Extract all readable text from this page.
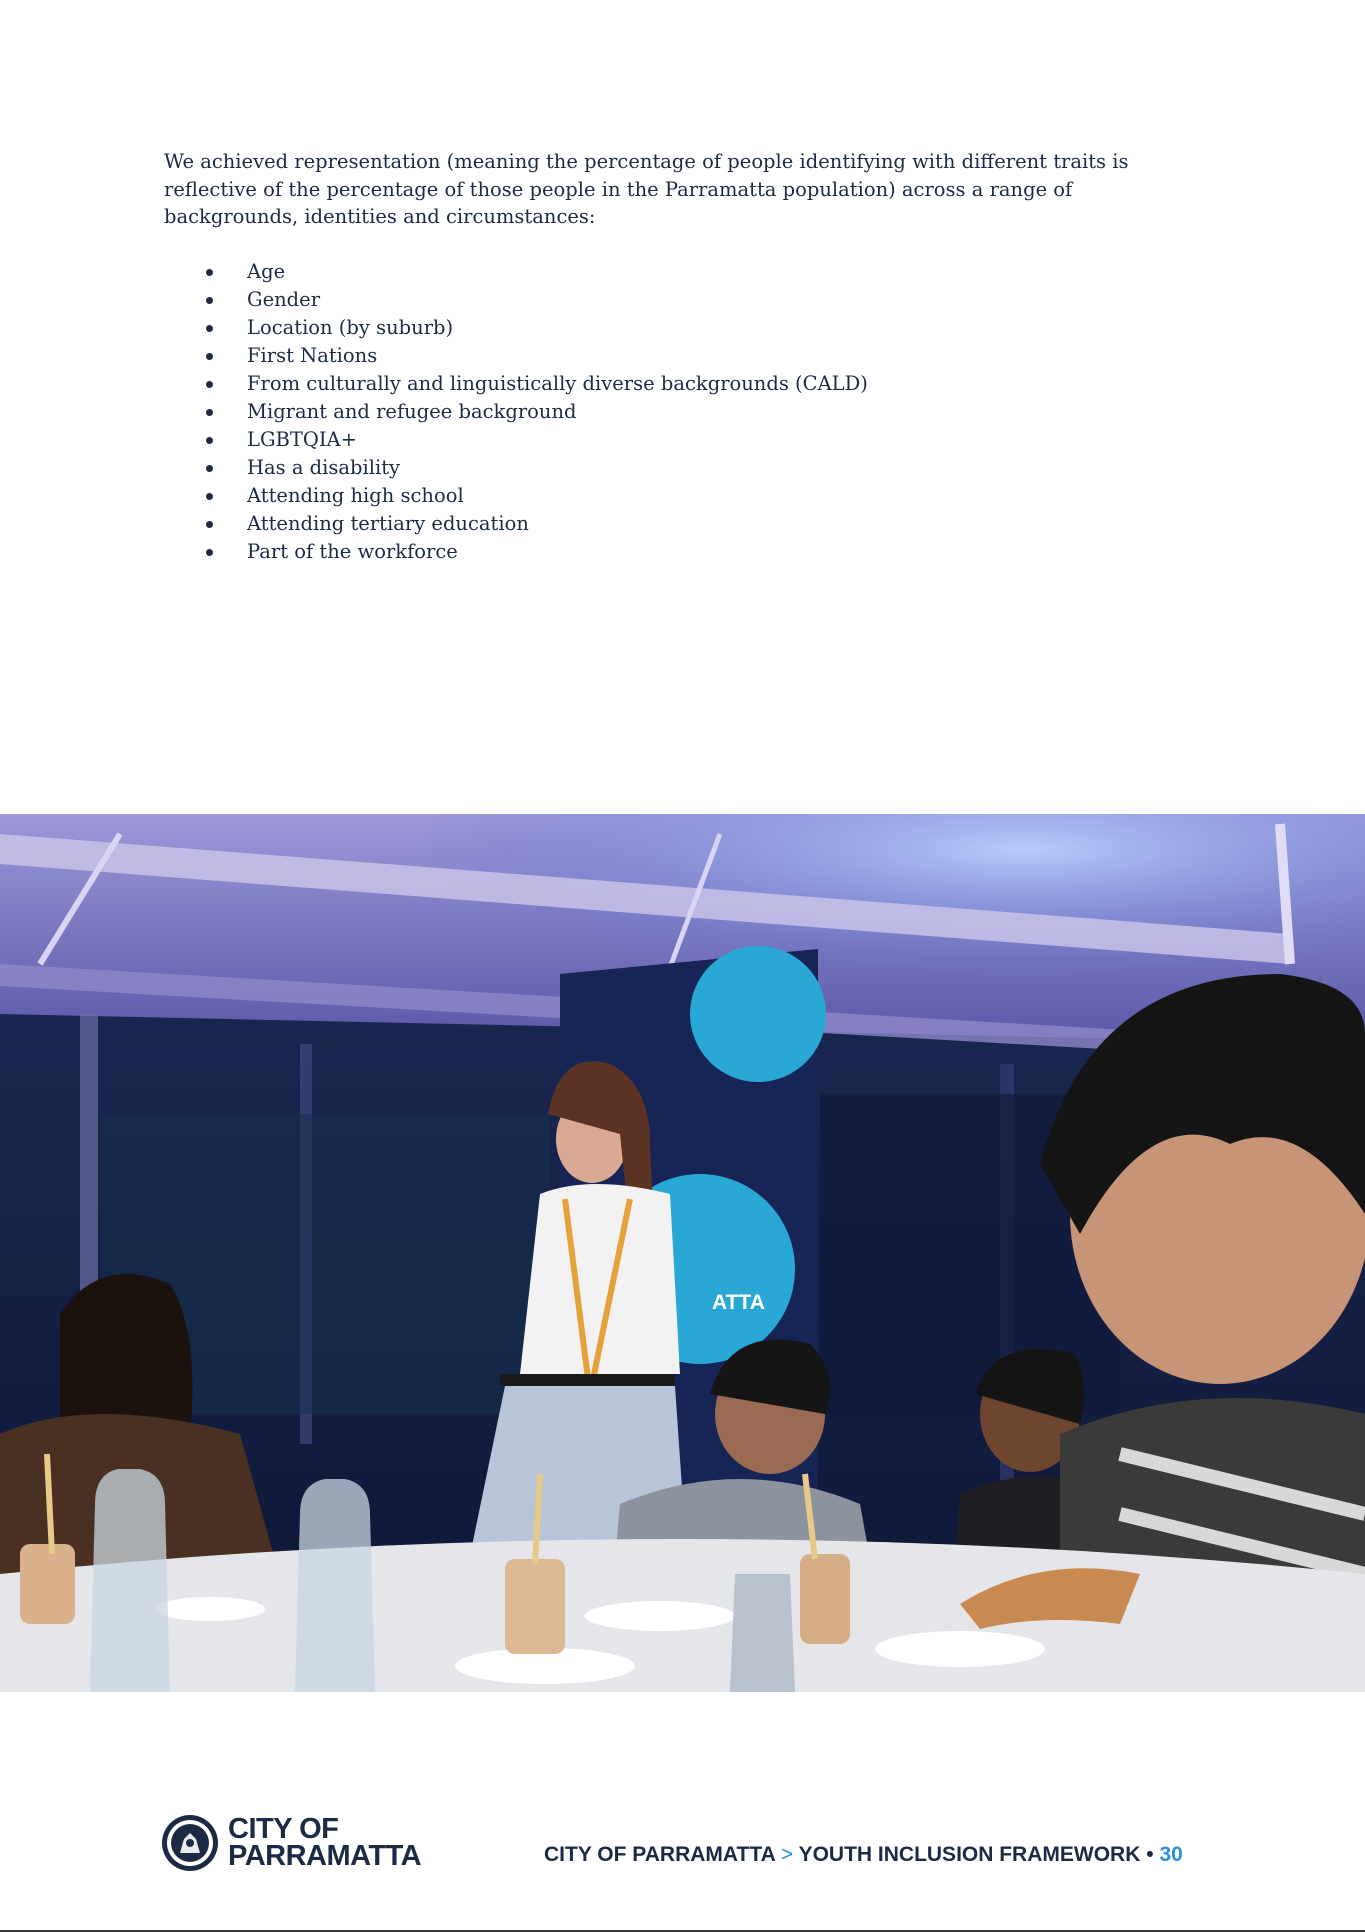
We achieved representation (meaning the percentage of people identifying with different traits is reflective of the percentage of those people in the Parramatta population) across a range of backgrounds, identities and circumstances:

Age
Gender
Location (by suburb)
First Nations
From culturally and linguistically diverse backgrounds (CALD)
Migrant and refugee background
LGBTQIA+
Has a disability
Attending high school
Attending tertiary education
Part of the workforce
ATTA
CITY OF
PARRAMATTA	CITY OF PARRAMATTA > YOUTH INCLUSION FRAMEWORK • 30
